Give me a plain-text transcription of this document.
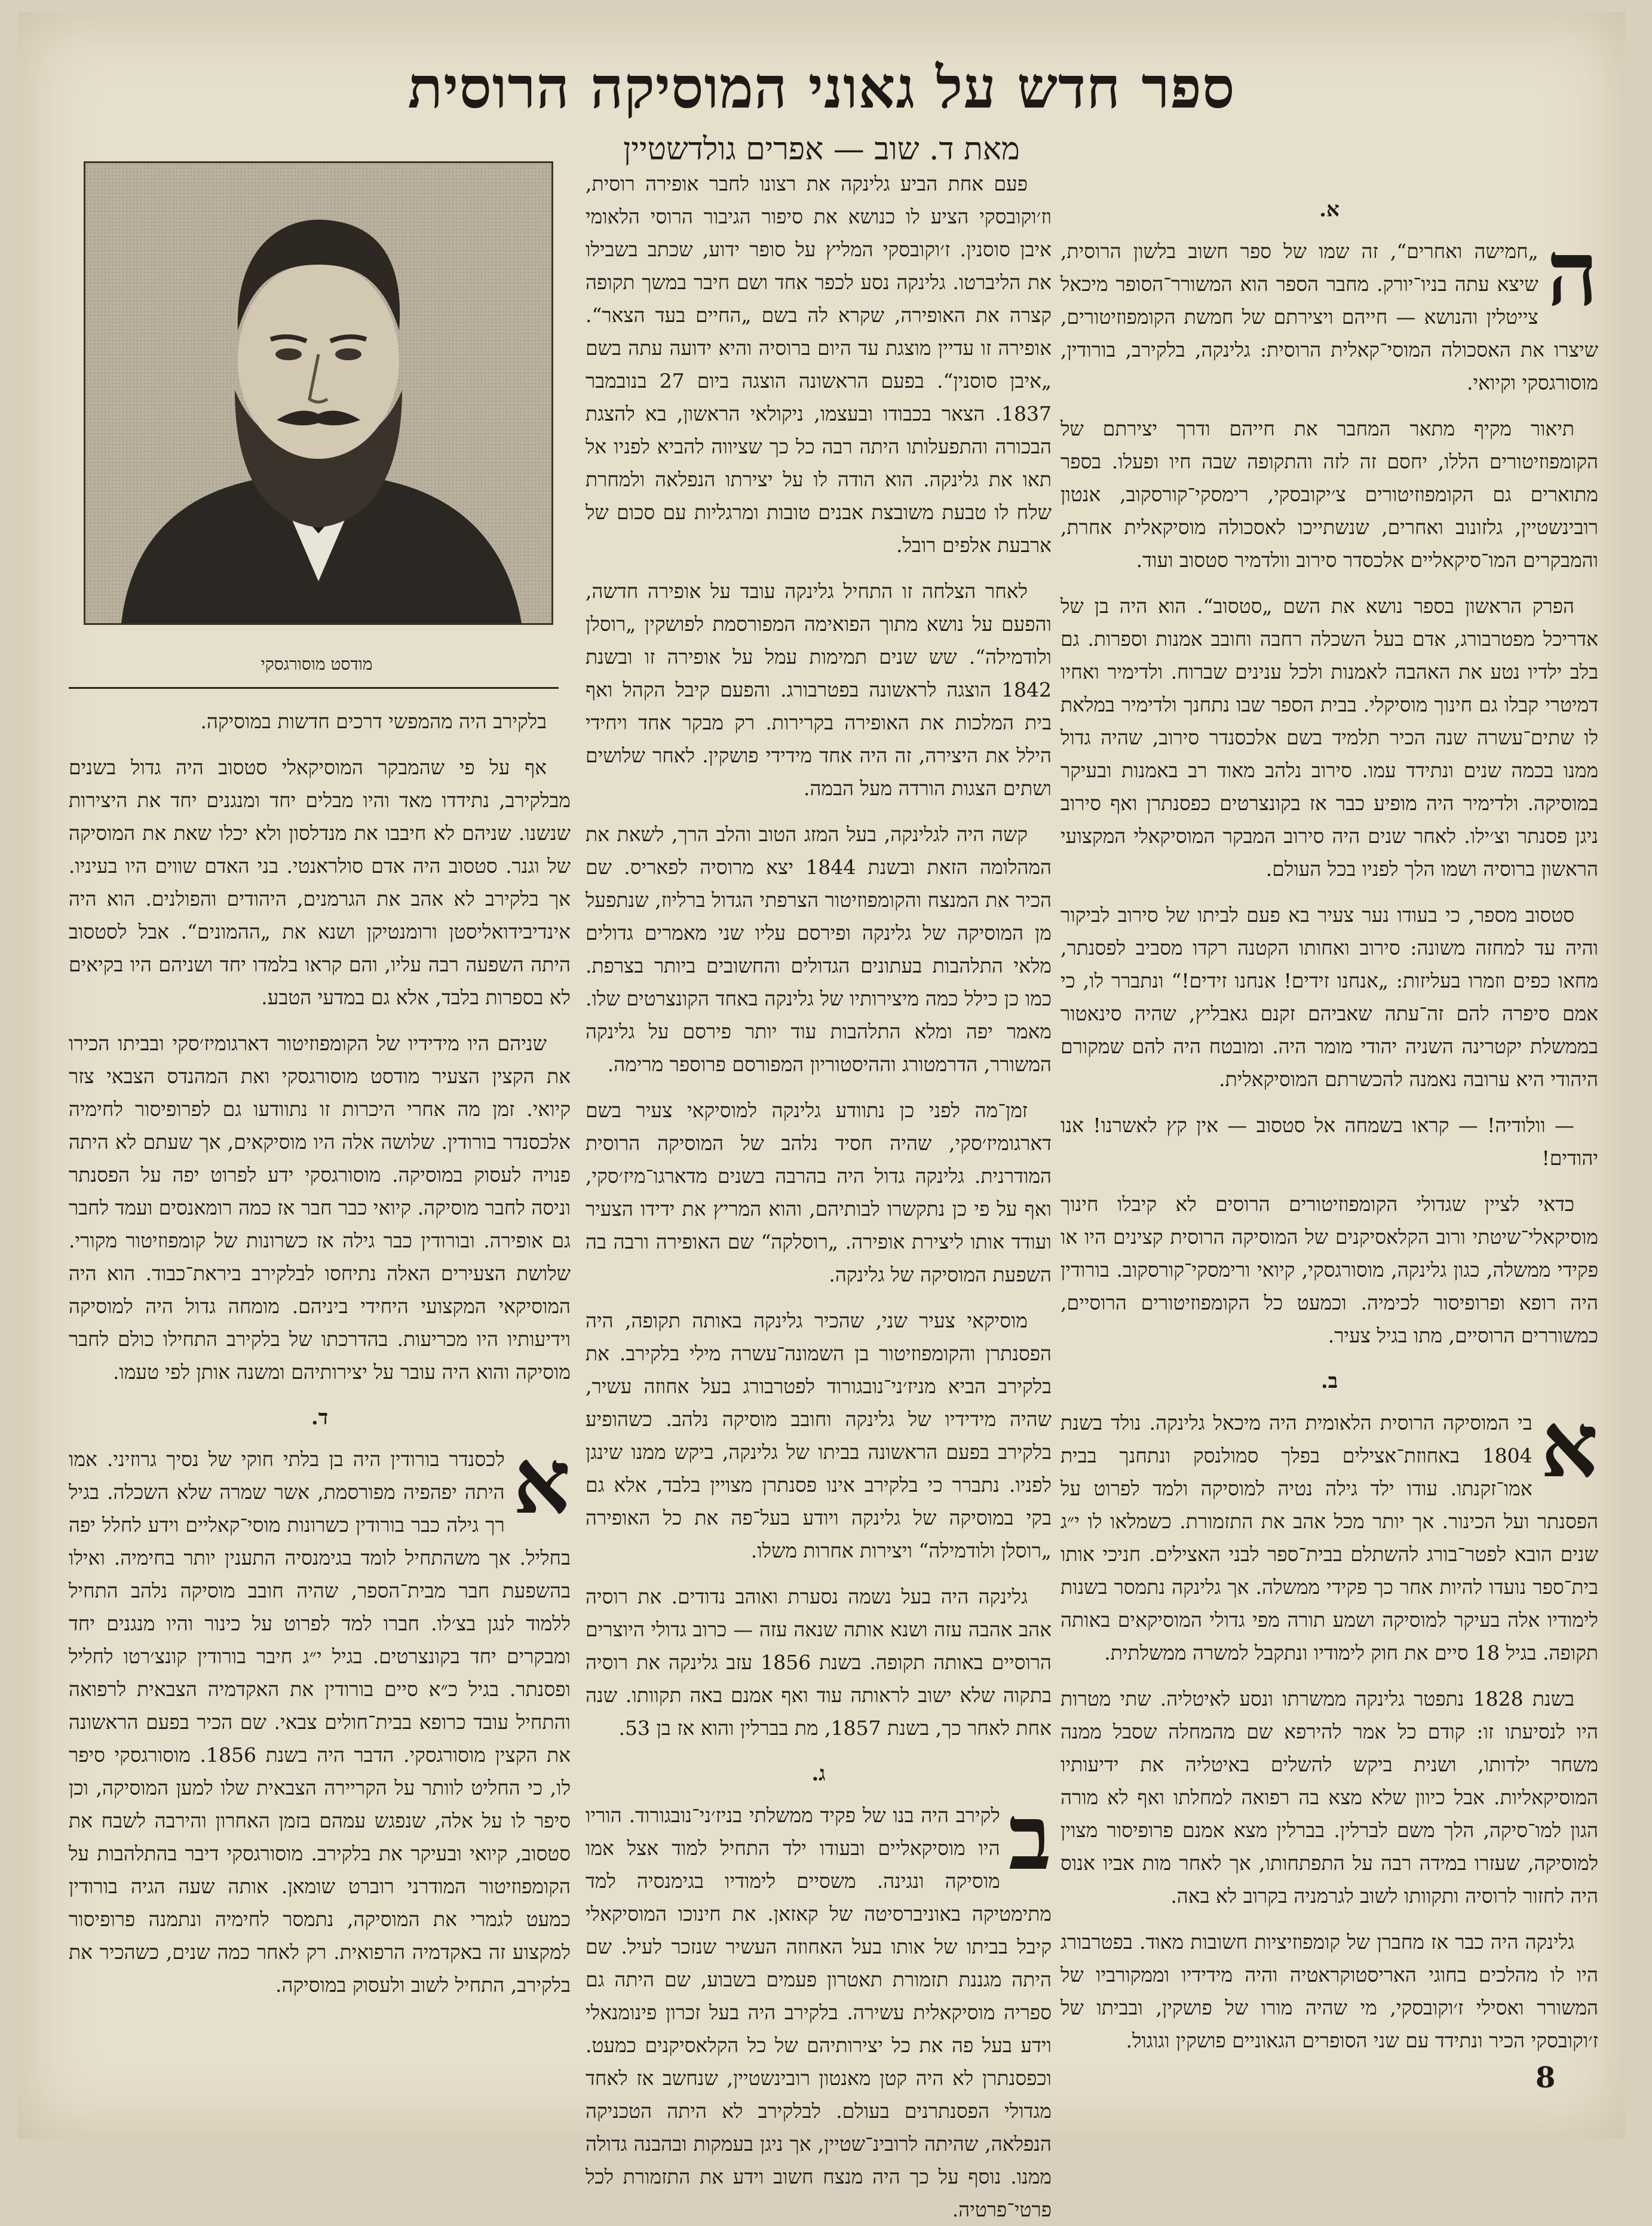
ספר חדש על גאוני המוסיקה הרוסית
מאת ד. שוב — אפרים גולדשטיין
מודסט מוסורגסקי
א.

ה
„חמישה ואחרים“, זה שמו של ספר חשוב בלשון הרוסית, שיצא עתה בניו־יורק. מחבר הספר הוא המשורר־הסופר מיכאל צייטלין והנושא — חייהם ויצירתם של חמשת הקומפוזיטורים, שיצרו את האסכולה המוסי־קאלית הרוסית: גלינקה, בלקירב, בורודין, מוסורגסקי וקיואי.

תיאור מקיף מתאר המחבר את חייהם ודרך יצירתם של הקומפוזיטורים הללו, יחסם זה לזה והתקופה שבה חיו ופעלו. בספר מתוארים גם הקומפוזיטורים צ׳יקובסקי, רימסקי־קורסקוב, אנטון רובינשטיין, גלזונוב ואחרים, שנשתייכו לאסכולה מוסיקאלית אחרת, והמבקרים המו־סיקאליים אלכסדר סירוב וולדמיר סטסוב ועוד.

הפרק הראשון בספר נושא את השם „סטסוב“. הוא היה בן של אדריכל מפטרבורג, אדם בעל השכלה רחבה וחובב אמנות וספרות. גם בלב ילדיו נטע את האהבה לאמנות ולכל ענינים שברוח. ולדימיר ואחיו דמיטרי קבלו גם חינוך מוסיקלי. בבית הספר שבו נתחנך ולדימיר במלאת לו שתים־עשרה שנה הכיר תלמיד בשם אלכסנדר סירוב, שהיה גדול ממנו בכמה שנים ונתידד עמו. סירוב נלהב מאוד רב באמנות ובעיקר במוסיקה. ולדימיר היה מופיע כבר אז בקונצרטים כפסנתרן ואף סירוב ניגן פסנתר וצ׳ילו. לאחר שנים היה סירוב המבקר המוסיקאלי המקצועי הראשון ברוסיה ושמו הלך לפניו בכל העולם.

סטסוב מספר, כי בעודו נער צעיר בא פעם לביתו של סירוב לביקור והיה עד למחזה משונה: סירוב ואחותו הקטנה רקדו מסביב לפסנתר, מחאו כפים וזמרו בעליזות: „אנחנו זידים! אנחנו זידים!“ ונתברר לו, כי אמם סיפרה להם זה־עתה שאביהם זקנם גאבליץ, שהיה סינאטור בממשלת יקטרינה השניה יהודי מומר היה. ומובטח היה להם שמקורם היהודי היא ערובה נאמנה להכשרתם המוסיקאלית.

— וולודיה! — קראו בשמחה אל סטסוב — אין קץ לאשרנו! אנו יהודים!

כדאי לציין שגדולי הקומפוזיטורים הרוסים לא קיבלו חינוך מוסיקאלי־שיטתי ורוב הקלאסיקנים של המוסיקה הרוסית קצינים היו או פקידי ממשלה, כגון גלינקה, מוסורגסקי, קיואי ורימסקי־קורסקוב. בורודין היה רופא ופרופיסור לכימיה. וכמעט כל הקומפוזיטורים הרוסיים, כמשוררים הרוסיים, מתו בגיל צעיר.

ב.

א
בי המוסיקה הרוסית הלאומית היה מיכאל גלינקה. נולד בשנת 1804 באחוזת־אצילים בפלך סמולנסק ונתחנך בבית אמו־זקנתו. עודו ילד גילה נטיה למוסיקה ולמד לפרוט על הפסנתר ועל הכינור. אך יותר מכל אהב את התזמורת. כשמלאו לו י״ג שנים הובא לפטר־בורג להשתלם בבית־ספר לבני האצילים. חניכי אותו בית־ספר נועדו להיות אחר כך פקידי ממשלה. אך גלינקה נתמסר בשנות לימודיו אלה בעיקר למוסיקה ושמע תורה מפי גדולי המוסיקאים באותה תקופה. בגיל 18 סיים את חוק לימודיו ונתקבל למשרה ממשלתית.

בשנת 1828 נתפטר גלינקה ממשרתו ונסע לאיטליה. שתי מטרות היו לנסיעתו זו: קודם כל אמר להירפא שם מהמחלה שסבל ממנה משחר ילדותו, ושנית ביקש להשלים באיטליה את ידיעותיו המוסיקאליות. אבל כיוון שלא מצא בה רפואה למחלתו ואף לא מורה הגון למו־סיקה, הלך משם לברלין. בברלין מצא אמנם פרופיסור מצוין למוסיקה, שעזרו במידה רבה על התפתחותו, אך לאחר מות אביו אנוס היה לחזור לרוסיה ותקוותו לשוב לגרמניה בקרוב לא באה.

גלינקה היה כבר אז מחברן של קומפוזיציות חשובות מאוד. בפטרבורג היו לו מהלכים בחוגי האריסטוקראטיה והיה מידידיו וממקורביו של המשורר ואסילי ז׳וקובסקי, מי שהיה מורו של פושקין, ובביתו של ז׳וקובסקי הכיר ונתידד עם שני הסופרים הגאוניים פושקין וגוגול.

פעם אחת הביע גלינקה את רצונו לחבר אופירה רוסית, וז׳וקובסקי הציע לו כנושא את סיפור הגיבור הרוסי הלאומי איבן סוסנין. ז׳וקובסקי המליץ על סופר ידוע, שכתב בשבילו את הליברטו. גלינקה נסע לכפר אחד ושם חיבר במשך תקופה קצרה את האופירה, שקרא לה בשם „החיים בעד הצאר“. אופירה זו עדיין מוצגת עד היום ברוסיה והיא ידועה עתה בשם „איבן סוסנין“. בפעם הראשונה הוצגה ביום 27 בנובמבר 1837. הצאר בכבודו ובעצמו, ניקולאי הראשון, בא להצגת הבכורה והתפעלותו היתה רבה כל כך שציווה להביא לפניו אל תאו את גלינקה. הוא הודה לו על יצירתו הנפלאה ולמחרת שלח לו טבעת משובצת אבנים טובות ומרגליות עם סכום של ארבעת אלפים רובל.

לאחר הצלחה זו התחיל גלינקה עובד על אופירה חדשה, והפעם על נושא מתוך הפואימה המפורסמת לפושקין „רוסלן ולודמילה“. שש שנים תמימות עמל על אופירה זו ובשנת 1842 הוצגה לראשונה בפטרבורג. והפעם קיבל הקהל ואף בית המלכות את האופירה בקרירות. רק מבקר אחד ויחידי הילל את היצירה, זה היה אחד מידידי פושקין. לאחר שלושים ושתים הצגות הורדה מעל הבמה.

קשה היה לגלינקה, בעל המזג הטוב והלב הרך, לשאת את המהלומה הזאת ובשנת 1844 יצא מרוסיה לפאריס. שם הכיר את המנצח והקומפוזיטור הצרפתי הגדול ברליוז, שנתפעל מן המוסיקה של גלינקה ופירסם עליו שני מאמרים גדולים מלאי התלהבות בעתונים הגדולים והחשובים ביותר בצרפת. כמו כן כילל כמה מיצירותיו של גלינקה באחד הקונצרטים שלו. מאמר יפה ומלא התלהבות עוד יותר פירסם על גלינקה המשורר, הדרמטורג וההיסטוריון המפורסם פרוספר מרימה.

זמן־מה לפני כן נתוודע גלינקה למוסיקאי צעיר בשם דארגומיז׳סקי, שהיה חסיד נלהב של המוסיקה הרוסית המודרנית. גלינקה גדול היה בהרבה בשנים מדארגו־מיז׳סקי, ואף על פי כן נתקשרו לבותיהם, והוא המריץ את ידידו הצעיר ועודד אותו ליצירת אופירה. „רוסלקה“ שם האופירה ורבה בה השפעת המוסיקה של גלינקה.

מוסיקאי צעיר שני, שהכיר גלינקה באותה תקופה, היה הפסנתרן והקומפוזיטור בן השמונה־עשרה מילי בלקירב. את בלקירב הביא מניז׳ני־נובגורוד לפטרבורג בעל אחוזה עשיר, שהיה מידידיו של גלינקה וחובב מוסיקה נלהב. כשהופיע בלקירב בפעם הראשונה בביתו של גלינקה, ביקש ממנו שינגן לפניו. נתברר כי בלקירב אינו פסנתרן מצויין בלבד, אלא גם בקי במוסיקה של גלינקה ויודע בעל־פה את כל האופירה „רוסלן ולודמילה“ ויצירות אחרות משלו.

גלינקה היה בעל נשמה נסערת ואוהב נדודים. את רוסיה אהב אהבה עזה ושנא אותה שנאה עזה — כרוב גדולי היוצרים הרוסיים באותה תקופה. בשנת 1856 עזב גלינקה את רוסיה בתקוה שלא ישוב לראותה עוד ואף אמנם באה תקוותו. שנה אחת לאחר כך, בשנת 1857, מת בברלין והוא אז בן 53.

ג.

ב
לקירב היה בנו של פקיד ממשלתי בניז׳ני־נובגורוד. הוריו היו מוסיקאליים ובעודו ילד התחיל למוד אצל אמו מוסיקה ונגינה. משסיים לימודיו בגימנסיה למד מתימטיקה באוניברסיטה של קאזאן. את חינוכו המוסיקאלי קיבל בביתו של אותו בעל האחוזה העשיר שנזכר לעיל. שם היתה מגננת תזמורת תאטרון פעמים בשבוע, שם היתה גם ספריה מוסיקאלית עשירה. בלקירב היה בעל זכרון פינומנאלי וידע בעל פה את כל יצירותיהם של כל הקלאסיקנים כמעט. וכפסנתרן לא היה קטן מאנטון רובינשטיין, שנחשב אז לאחד מגדולי הפסנתרנים בעולם. לבלקירב לא היתה הטכניקה הנפלאה, שהיתה לרובינ־שטיין, אך ניגן בעמקות ובהבנה גדולה ממנו. נוסף על כך היה מנצח חשוב וידע את התזמורת לכל פרטי־פרטיה.

בלקירב היה מהמפשי דרכים חדשות במוסיקה.

אף על פי שהמבקר המוסיקאלי סטסוב היה גדול בשנים מבלקירב, נתידדו מאד והיו מבלים יחד ומנגנים יחד את היצירות שנשנו. שניהם לא חיבבו את מנדלסון ולא יכלו שאת את המוסיקה של וגנר. סטסוב היה אדם סולראנטי. בני האדם שווים היו בעיניו. אך בלקירב לא אהב את הגרמנים, היהודים והפולנים. הוא היה אינדיבידואליסטן ורומנטיקן ושנא את „ההמונים“. אבל לסטסוב היתה השפעה רבה עליו, והם קראו בלמדו יחד ושניהם היו בקיאים לא בספרות בלבד, אלא גם במדעי הטבע.

שניהם היו מידידיו של הקומפוזיטור דארגומיז׳סקי ובביתו הכירו את הקצין הצעיר מודסט מוסורגסקי ואת המהנדס הצבאי צזר קיואי. זמן מה אחרי היכרות זו נתוודעו גם לפרופיסור לחימיה אלכסנדר בורודין. שלושה אלה היו מוסיקאים, אך שעתם לא היתה פנויה לעסוק במוסיקה. מוסורגסקי ידע לפרוט יפה על הפסנתר וניסה לחבר מוסיקה. קיואי כבר חבר אז כמה רומאנסים ועמד לחבר גם אופירה. ובורודין כבר גילה אז כשרונות של קומפוזיטור מקורי. שלושת הצעירים האלה נתיחסו לבלקירב ביראת־כבוד. הוא היה המוסיקאי המקצועי היחידי ביניהם. מומחה גדול היה למוסיקה וידיעותיו היו מכריעות. בהדרכתו של בלקירב התחילו כולם לחבר מוסיקה והוא היה עובר על יצירותיהם ומשנה אותן לפי טעמו.

ד.

א
לכסנדר בורודין היה בן בלתי חוקי של נסיך גרוזיני. אמו היתה יפהפיה מפורסמת, אשר שמרה שלא השכלה. בגיל רך גילה כבר בורודין כשרונות מוסי־קאליים וידע לחלל יפה בחליל. אך משהתחיל לומד בגימנסיה התענין יותר בחימיה. ואילו בהשפעת חבר מבית־הספר, שהיה חובב מוסיקה נלהב התחיל ללמוד לנגן בצ׳לו. חברו למד לפרוט על כינור והיו מנגנים יחד ומבקרים יחד בקונצרטים. בגיל י״ג חיבר בורודין קונצ׳רטו לחליל ופסנתר. בגיל כ״א סיים בורודין את האקדמיה הצבאית לרפואה והתחיל עובד כרופא בבית־חולים צבאי. שם הכיר בפעם הראשונה את הקצין מוסורגסקי. הדבר היה בשנת 1856. מוסורגסקי סיפר לו, כי החליט לוותר על הקריירה הצבאית שלו למען המוסיקה, וכן סיפר לו על אלה, שנפגש עמהם בזמן האחרון והירבה לשבח את סטסוב, קיואי ובעיקר את בלקירב. מוסורגסקי דיבר בהתלהבות על הקומפוזיטור המודרני רוברט שומאן. אותה שעה הגיה בורודין כמעט לגמרי את המוסיקה, נתמסר לחימיה ונתמנה פרופיסור למקצוע זה באקדמיה הרפואית. רק לאחר כמה שנים, כשהכיר את בלקירב, התחיל לשוב ולעסוק במוסיקה.

8
